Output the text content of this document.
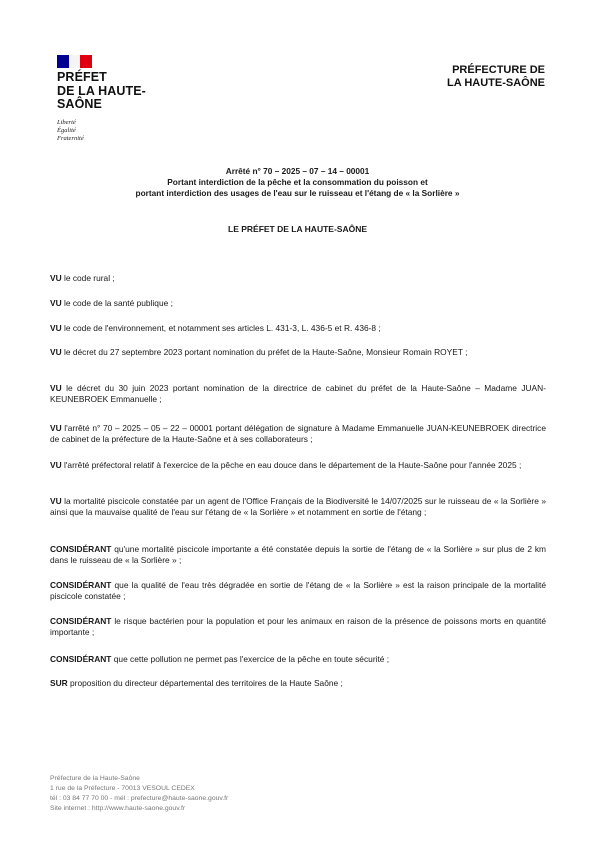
PRÉFET
DE LA HAUTE-
SAÔNE
Liberté
Égalité
Fraternité
PRÉFECTURE DE
LA HAUTE-SAÔNE
Arrêté n° 70 – 2025 – 07 – 14 – 00001
Portant interdiction de la pêche et la consommation du poisson et
portant interdiction des usages de l'eau sur le ruisseau et l'étang de « la Sorlière »
LE PRÉFET DE LA HAUTE-SAÔNE
VU le code rural ;
VU le code de la santé publique ;
VU le code de l'environnement, et notamment ses articles L. 431-3, L. 436-5 et R. 436-8 ;
VU le décret du 27 septembre 2023 portant nomination du préfet de la Haute-Saône, Monsieur Romain ROYET ;
VU le décret du 30 juin 2023 portant nomination de la directrice de cabinet du préfet de la Haute-Saône – Madame JUAN-KEUNEBROEK Emmanuelle ;
VU l'arrêté n° 70 – 2025 – 05 – 22 – 00001 portant délégation de signature à Madame Emmanuelle JUAN-KEUNEBROEK directrice de cabinet de la préfecture de la Haute-Saône et à ses collaborateurs ;
VU l'arrêté préfectoral relatif à l'exercice de la pêche en eau douce dans le département de la Haute-Saône pour l'année 2025 ;
VU la mortalité piscicole constatée par un agent de l'Office Français de la Biodiversité le 14/07/2025 sur le ruisseau de « la Sorlière » ainsi que la mauvaise qualité de l'eau sur l'étang de « la Sorlière » et notamment en sortie de l'étang ;
CONSIDÉRANT qu'une mortalité piscicole importante a été constatée depuis la sortie de l'étang de « la Sorlière » sur plus de 2 km dans le ruisseau de « la Sorlière » ;
CONSIDÉRANT que la qualité de l'eau très dégradée en sortie de l'étang de « la Sorlière » est la raison principale de la mortalité piscicole constatée ;
CONSIDÉRANT le risque bactérien pour la population et pour les animaux en raison de la présence de poissons morts en quantité importante ;
CONSIDÉRANT que cette pollution ne permet pas l'exercice de la pêche en toute sécurité ;
SUR proposition du directeur départemental des territoires de la Haute Saône ;
Préfecture de la Haute-Saône
1 rue de la Préfecture - 70013 VESOUL CEDEX
tél : 03 84 77 70 00 - mél : prefecture@haute-saone.gouv.fr
Site internet : http://www.haute-saone.gouv.fr
